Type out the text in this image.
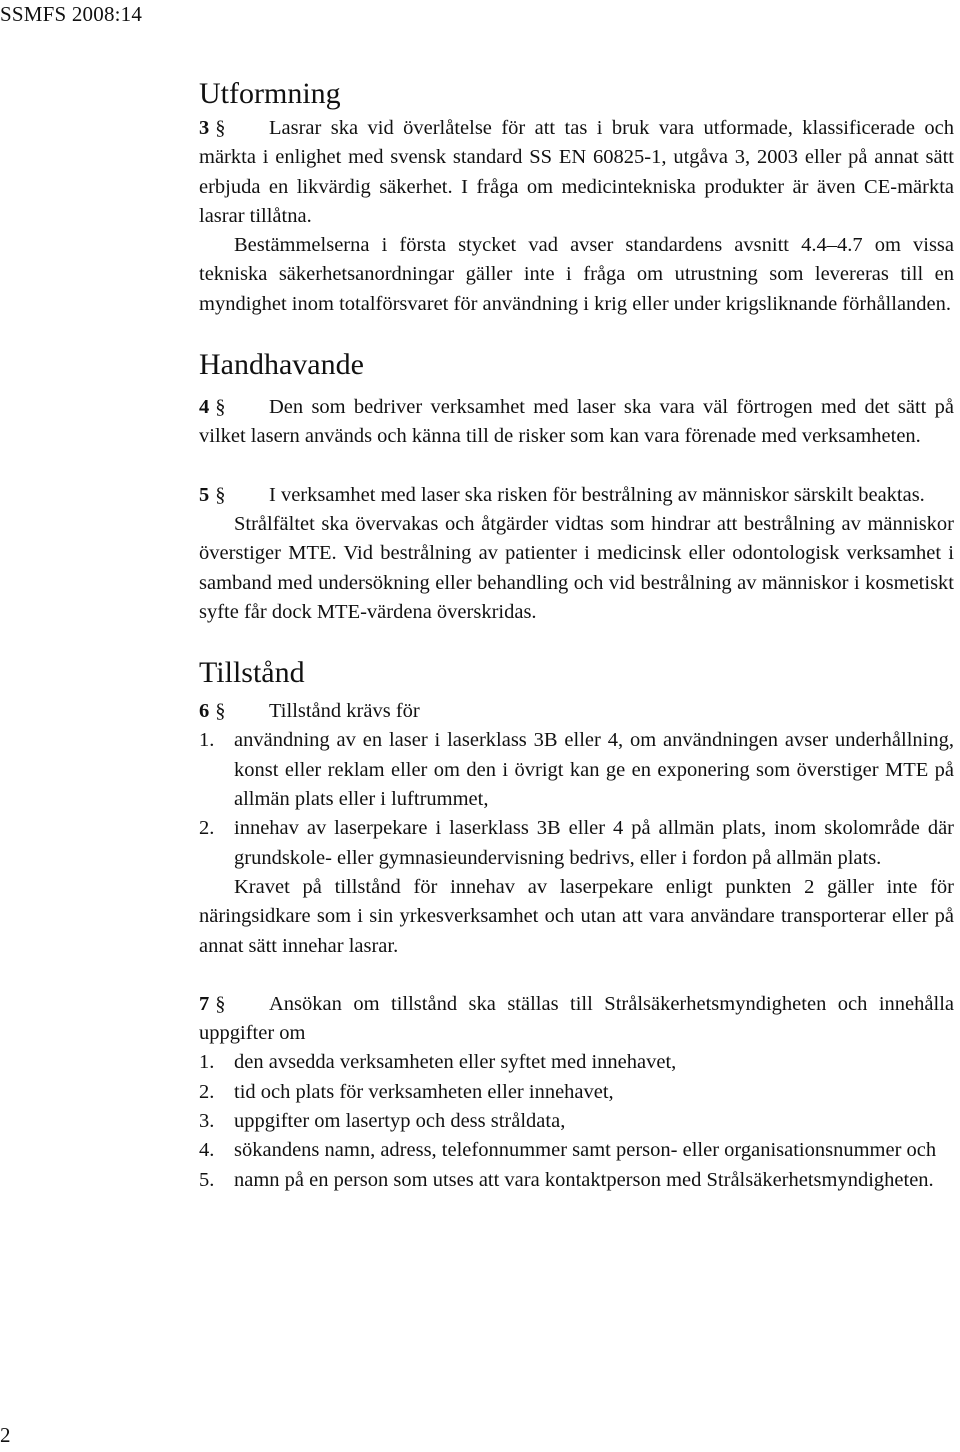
SSMFS 2008:14
Utformning

3 § Lasrar ska vid överlåtelse för att tas i bruk vara utformade, klassificerade och märkta i enlighet med svensk standard SS EN 60825-1, utgåva 3, 2003 eller på annat sätt erbjuda en likvärdig säkerhet. I fråga om medicintekniska produkter är även CE-märkta lasrar tillåtna.

Bestämmelserna i första stycket vad avser standardens avsnitt 4.4–4.7 om vissa tekniska säkerhetsanordningar gäller inte i fråga om utrustning som levereras till en myndighet inom totalförsvaret för användning i krig eller under krigsliknande förhållanden.

Handhavande

4 § Den som bedriver verksamhet med laser ska vara väl förtrogen med det sätt på vilket lasern används och känna till de risker som kan vara förenade med verksamheten.

5 § I verksamhet med laser ska risken för bestrålning av människor särskilt beaktas.

Strålfältet ska övervakas och åtgärder vidtas som hindrar att bestrålning av människor överstiger MTE. Vid bestrålning av patienter i medicinsk eller odontologisk verksamhet i samband med undersökning eller behandling och vid bestrålning av människor i kosmetiskt syfte får dock MTE-värdena överskridas.

Tillstånd

6 § Tillstånd krävs för

1. användning av en laser i laserklass 3B eller 4, om användningen avser underhållning, konst eller reklam eller om den i övrigt kan ge en exponering som överstiger MTE på allmän plats eller i luftrummet,
2. innehav av laserpekare i laserklass 3B eller 4 på allmän plats, inom skolområde där grundskole- eller gymnasieundervisning bedrivs, eller i fordon på allmän plats.

Kravet på tillstånd för innehav av laserpekare enligt punkten 2 gäller inte för näringsidkare som i sin yrkesverksamhet och utan att vara användare transporterar eller på annat sätt innehar lasrar.

7 § Ansökan om tillstånd ska ställas till Strålsäkerhetsmyndigheten och innehålla uppgifter om

1. den avsedda verksamheten eller syftet med innehavet,
2. tid och plats för verksamheten eller innehavet,
3. uppgifter om lasertyp och dess stråldata,
4. sökandens namn, adress, telefonnummer samt person- eller organisationsnummer och
5. namn på en person som utses att vara kontaktperson med Strålsäkerhetsmyndigheten.
2
